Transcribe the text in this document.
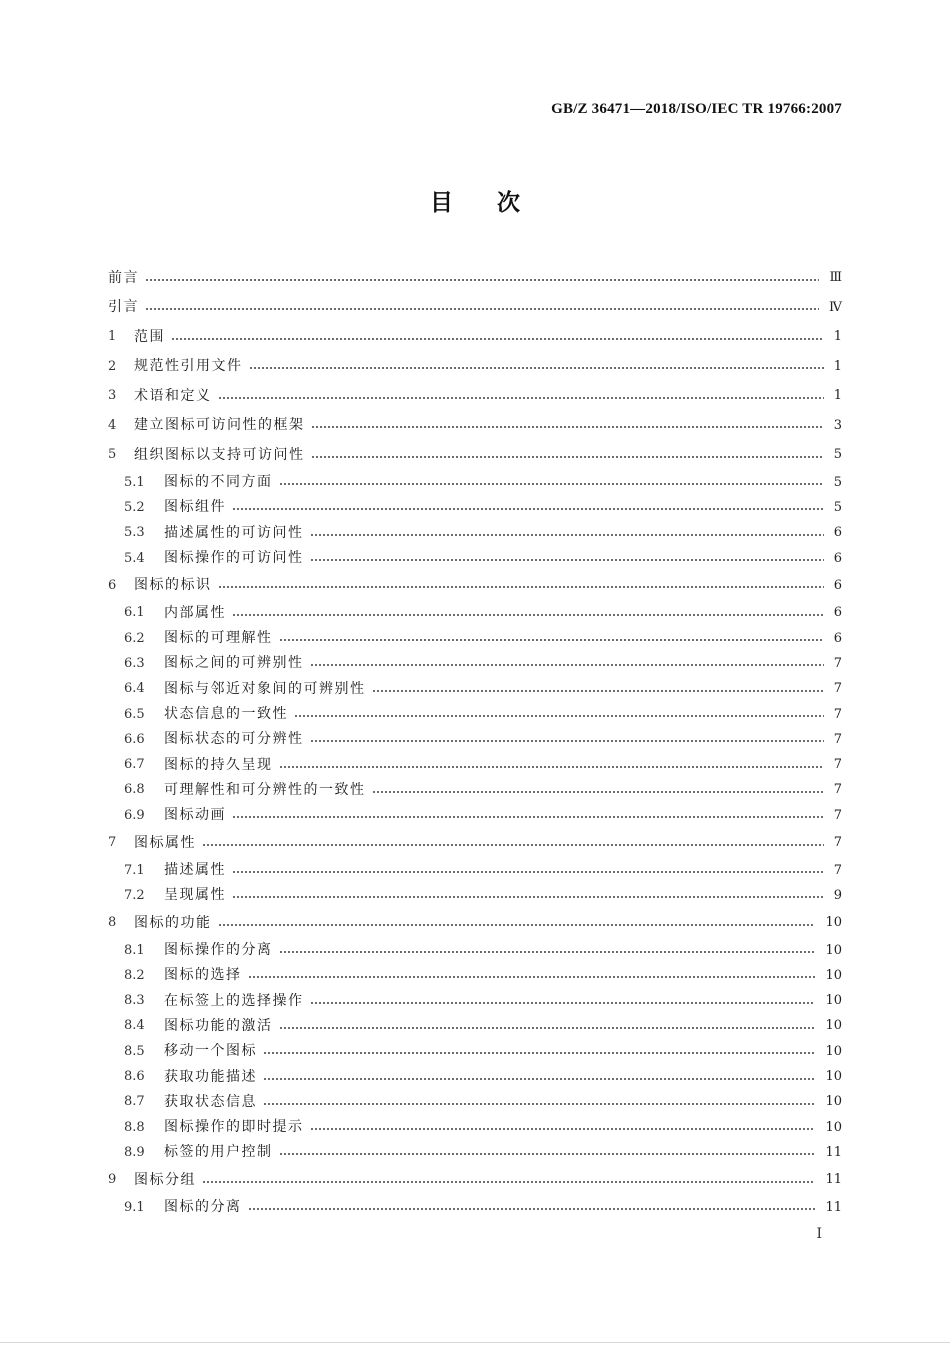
GB/Z 36471—2018/ISO/IEC TR 19766:2007
目次
前言	Ⅲ
引言	Ⅳ
1	范围	1
2	规范性引用文件	1
3	术语和定义	1
4	建立图标可访问性的框架	3
5	组织图标以支持可访问性	5
5.1	图标的不同方面	5
5.2	图标组件	5
5.3	描述属性的可访问性	6
5.4	图标操作的可访问性	6
6	图标的标识	6
6.1	内部属性	6
6.2	图标的可理解性	6
6.3	图标之间的可辨别性	7
6.4	图标与邻近对象间的可辨别性	7
6.5	状态信息的一致性	7
6.6	图标状态的可分辨性	7
6.7	图标的持久呈现	7
6.8	可理解性和可分辨性的一致性	7
6.9	图标动画	7
7	图标属性	7
7.1	描述属性	7
7.2	呈现属性	9
8	图标的功能	10
8.1	图标操作的分离	10
8.2	图标的选择	10
8.3	在标签上的选择操作	10
8.4	图标功能的激活	10
8.5	移动一个图标	10
8.6	获取功能描述	10
8.7	获取状态信息	10
8.8	图标操作的即时提示	10
8.9	标签的用户控制	11
9	图标分组	11
9.1	图标的分离	11
Ⅰ
